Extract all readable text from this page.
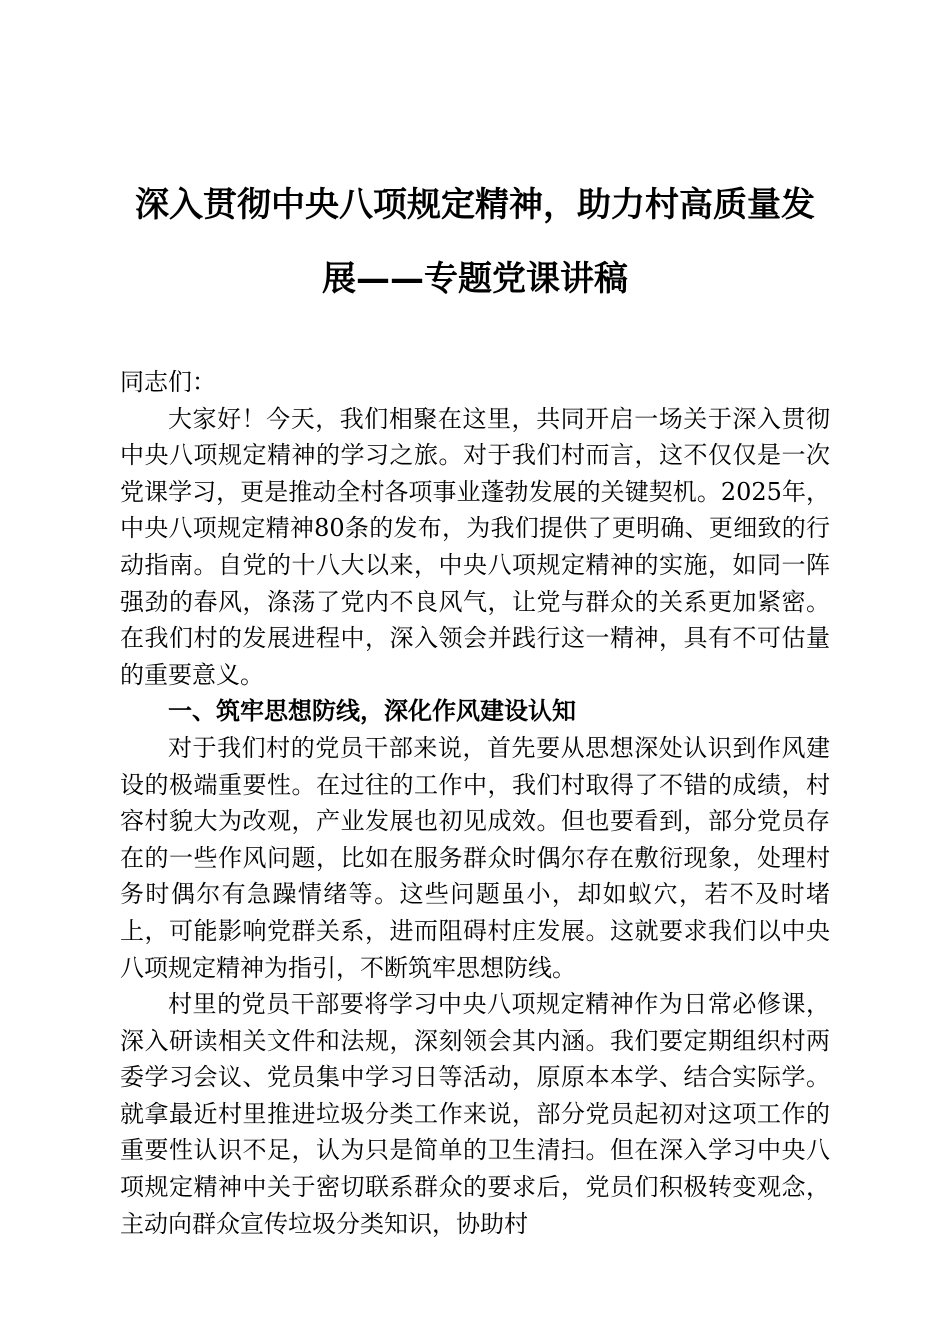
深入贯彻中央八项规定精神，助力村高质量发
展——专题党课讲稿

同志们：

大家好！今天，我们相聚在这里，共同开启一场关于深入贯彻中央八项规定精神的学习之旅。对于我们村而言，这不仅仅是一次党课学习，更是推动全村各项事业蓬勃发展的关键契机。2025年，中央八项规定精神80条的发布，为我们提供了更明确、更细致的行动指南。自党的十八大以来，中央八项规定精神的实施，如同一阵强劲的春风，涤荡了党内不良风气，让党与群众的关系更加紧密。在我们村的发展进程中，深入领会并践行这一精神，具有不可估量的重要意义。

一、筑牢思想防线，深化作风建设认知

对于我们村的党员干部来说，首先要从思想深处认识到作风建设的极端重要性。在过往的工作中，我们村取得了不错的成绩，村容村貌大为改观，产业发展也初见成效。但也要看到，部分党员存在的一些作风问题，比如在服务群众时偶尔存在敷衍现象，处理村务时偶尔有急躁情绪等。这些问题虽小，却如蚁穴，若不及时堵上，可能影响党群关系，进而阻碍村庄发展。这就要求我们以中央八项规定精神为指引，不断筑牢思想防线。

村里的党员干部要将学习中央八项规定精神作为日常必修课，深入研读相关文件和法规，深刻领会其内涵。我们要定期组织村两委学习会议、党员集中学习日等活动，原原本本学、结合实际学。就拿最近村里推进垃圾分类工作来说，部分党员起初对这项工作的重要性认识不足，认为只是简单的卫生清扫。但在深入学习中央八项规定精神中关于密切联系群众的要求后，党员们积极转变观念，主动向群众宣传垃圾分类知识，协助村
